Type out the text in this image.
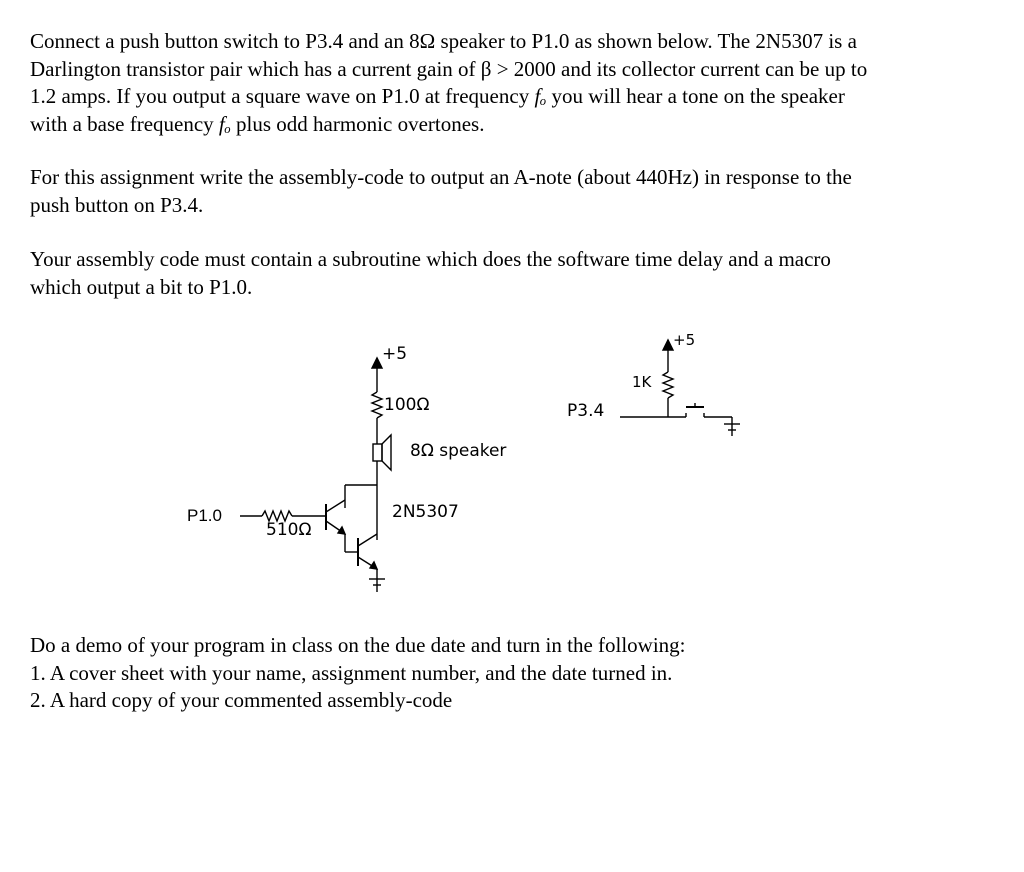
Connect a push button switch to P3.4 and an 8Ω speaker to P1.0 as shown below. The 2N5307 is a
Darlington transistor pair which has a current gain of β > 2000 and its collector current can be up to
1.2 amps. If you output a square wave on P1.0 at frequency fₒ you will hear a tone on the speaker
with a base frequency fₒ plus odd harmonic overtones.
For this assignment write the assembly-code to output an A-note (about 440Hz) in response to the
push button on P3.4.
Your assembly code must contain a subroutine which does the software time delay and a macro
which output a bit to P1.0.
+5
100Ω
8Ω speaker
P1.0
510Ω
2N5307
P3.4
1K
+5
Do a demo of your program in class on the due date and turn in the following:
1. A cover sheet with your name, assignment number, and the date turned in.
2. A hard copy of your commented assembly-code
